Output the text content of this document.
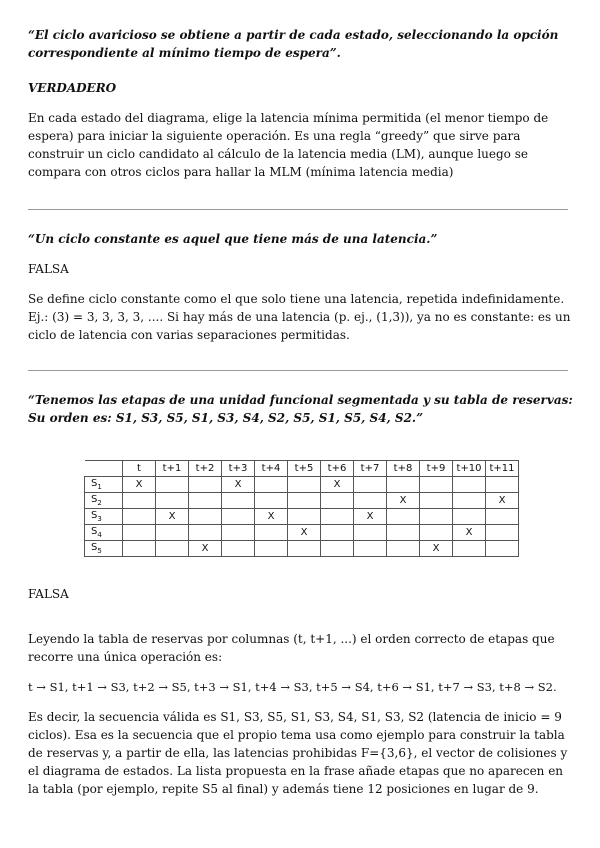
“El ciclo avaricioso se obtiene a partir de cada estado, seleccionando la opción correspondiente al mínimo tiempo de espera”.

VERDADERO

En cada estado del diagrama, elige la latencia mínima permitida (el menor tiempo de espera) para iniciar la siguiente operación. Es una regla “greedy” que sirve para construir un ciclo candidato al cálculo de la latencia media (LM), aunque luego se compara con otros ciclos para hallar la MLM (mínima latencia media)

“Un ciclo constante es aquel que tiene más de una latencia.”

FALSA

Se define ciclo constante como el que solo tiene una latencia, repetida indefinidamente. Ej.: (3) = 3, 3, 3, 3, .... Si hay más de una latencia (p. ej., (1,3)), ya no es constante: es un ciclo de latencia con varias separaciones permitidas.

“Tenemos las etapas de una unidad funcional segmentada y su tabla de reservas:

Su orden es: S1, S3, S5, S1, S3, S4, S2, S5, S1, S5, S4, S2.”

	t	t+1	t+2	t+3	t+4	t+5	t+6	t+7	t+8	t+9	t+10	t+11
$S_1$	X			X			X					
$S_2$									X			X
$S_3$		X			X			X				
$S_4$						X					X	
$S_5$			X							X		

FALSA

Leyendo la tabla de reservas por columnas (t, t+1, ...) el orden correcto de etapas que recorre una única operación es:

t → S1, t+1 → S3, t+2 → S5, t+3 → S1, t+4 → S3, t+5 → S4, t+6 → S1, t+7 → S3, t+8 → S2.

Es decir, la secuencia válida es S1, S3, S5, S1, S3, S4, S1, S3, S2 (latencia de inicio = 9 ciclos). Esa es la secuencia que el propio tema usa como ejemplo para construir la tabla de reservas y, a partir de ella, las latencias prohibidas F={3,6}, el vector de colisiones y el diagrama de estados. La lista propuesta en la frase añade etapas que no aparecen en la tabla (por ejemplo, repite S5 al final) y además tiene 12 posiciones en lugar de 9.
